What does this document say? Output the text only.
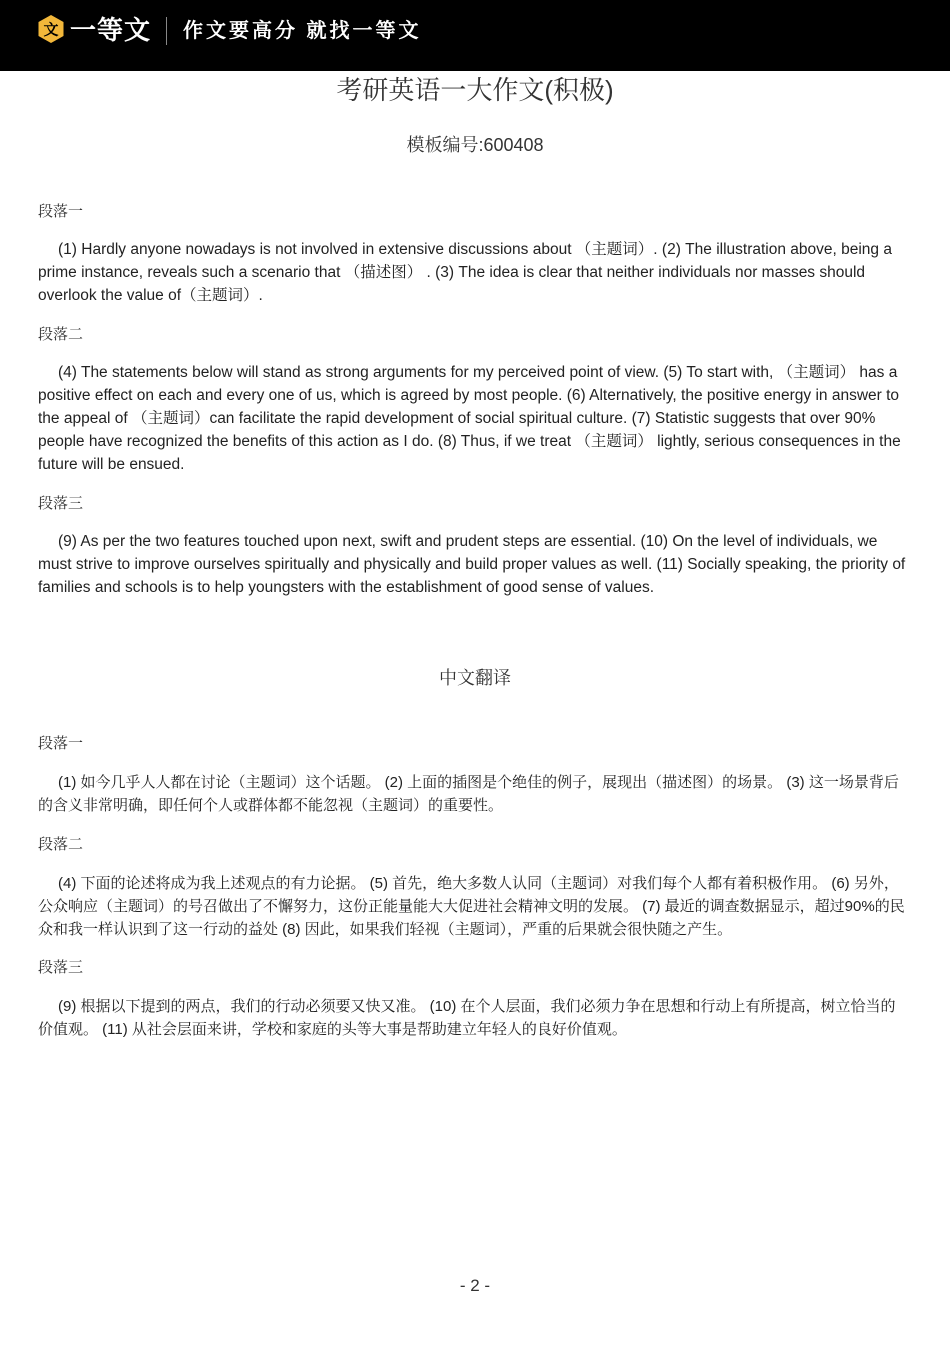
文 一等文 作文要高分 就找一等文
考研英语一大作文(积极)
模板编号:600408
段落一

(1) Hardly anyone nowadays is not involved in extensive discussions about （主题词）. (2) The illustration above, being a prime instance, reveals such a scenario that （描述图） . (3) The idea is clear that neither individuals nor masses should overlook the value of（主题词）.

段落二

(4) The statements below will stand as strong arguments for my perceived point of view. (5) To start with, （主题词） has a positive effect on each and every one of us, which is agreed by most people. (6) Alternatively, the positive energy in answer to the appeal of （主题词）can facilitate the rapid development of social spiritual culture. (7) Statistic suggests that over 90% people have recognized the benefits of this action as I do. (8) Thus, if we treat （主题词） lightly, serious consequences in the future will be ensued.

段落三

(9) As per the two features touched upon next, swift and prudent steps are essential. (10) On the level of individuals, we must strive to improve ourselves spiritually and physically and build proper values as well. (11) Socially speaking, the priority of families and schools is to help youngsters with the establishment of good sense of values.

中文翻译
段落一

(1) 如今几乎人人都在讨论（主题词）这个话题。 (2) 上面的插图是个绝佳的例子，展现出（描述图）的场景。 (3) 这一场景背后的含义非常明确，即任何个人或群体都不能忽视（主题词）的重要性。

段落二

(4) 下面的论述将成为我上述观点的有力论据。 (5) 首先，绝大多数人认同（主题词）对我们每个人都有着积极作用。 (6) 另外，公众响应（主题词）的号召做出了不懈努力，这份正能量能大大促进社会精神文明的发展。 (7) 最近的调查数据显示，超过90%的民众和我一样认识到了这一行动的益处 (8) 因此，如果我们轻视（主题词），严重的后果就会很快随之产生。

段落三

(9) 根据以下提到的两点，我们的行动必须要又快又准。 (10) 在个人层面，我们必须力争在思想和行动上有所提高，树立恰当的价值观。 (11) 从社会层面来讲，学校和家庭的头等大事是帮助建立年轻人的良好价值观。

- 2 -
